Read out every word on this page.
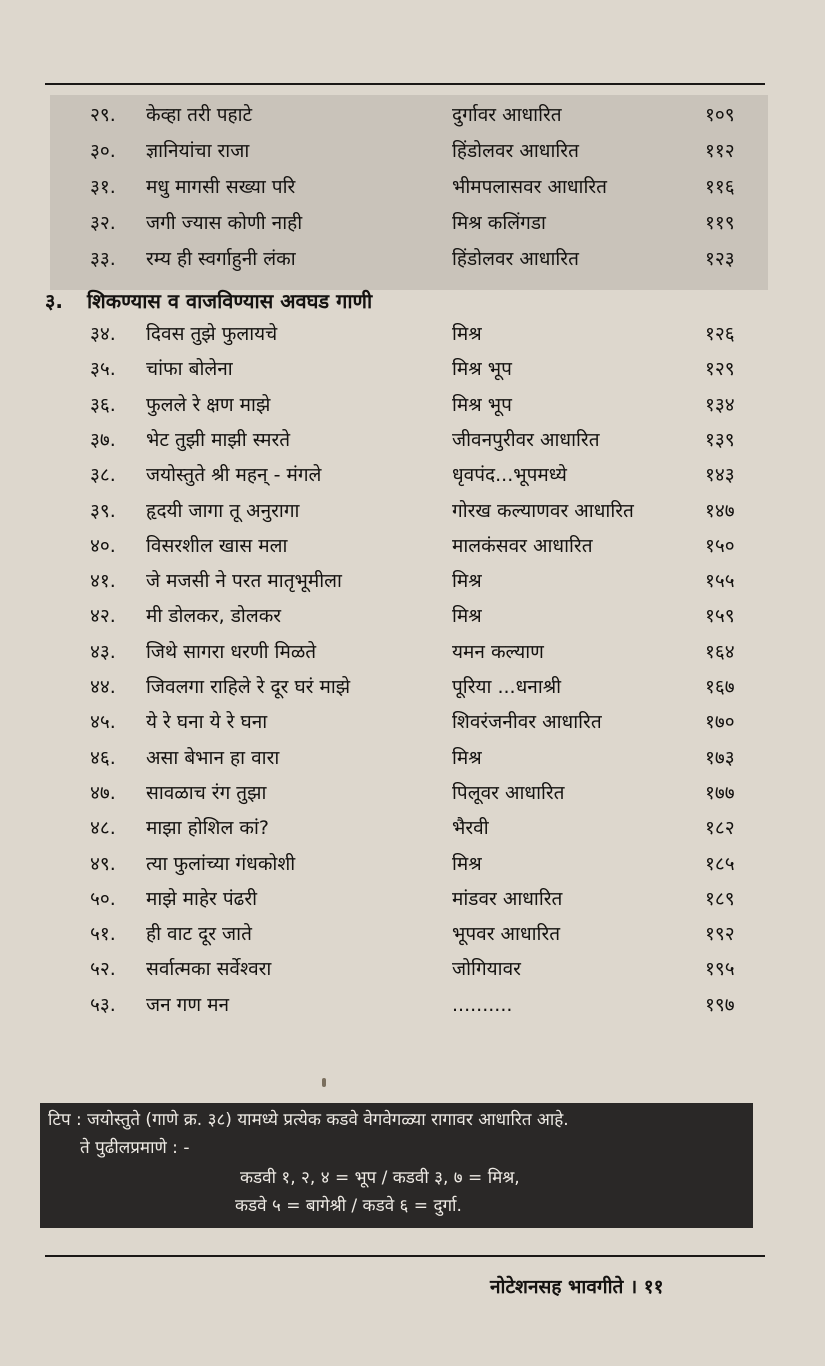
२९. केव्हा तरी पहाटे	दुर्गावर आधारित	१०९
३०. ज्ञानियांचा राजा	हिंडोलवर आधारित	११२
३१. मधु मागसी सख्या परि	भीमपलासवर आधारित	११६
३२. जगी ज्यास कोणी नाही	मिश्र कलिंगडा	११९
३३. रम्य ही स्वर्गाहुनी लंका	हिंडोलवर आधारित	१२३
३. शिकण्यास व वाजविण्यास अवघड गाणी
३४. दिवस तुझे फुलायचे	मिश्र	१२६
३५. चांफा बोलेना	मिश्र भूप	१२९
३६. फुलले रे क्षण माझे	मिश्र भूप	१३४
३७. भेट तुझी माझी स्मरते	जीवनपुरीवर आधारित	१३९
३८. जयोस्तुते श्री महन् - मंगले	धृवपंद...भूपमध्ये	१४३
३९. हृदयी जागा तू अनुरागा	गोरख कल्याणवर आधारित	१४७
४०. विसरशील खास मला	मालकंसवर आधारित	१५०
४१. जे मजसी ने परत मातृभूमीला	मिश्र	१५५
४२. मी डोलकर, डोलकर	मिश्र	१५९
४३. जिथे सागरा धरणी मिळते	यमन कल्याण	१६४
४४. जिवलगा राहिले रे दूर घरं माझे	पूरिया ...धनाश्री	१६७
४५. ये रे घना ये रे घना	शिवरंजनीवर आधारित	१७०
४६. असा बेभान हा वारा	मिश्र	१७३
४७. सावळाच रंग तुझा	पिलूवर आधारित	१७७
४८. माझा होशिल कां?	भैरवी	१८२
४९. त्या फुलांच्या गंधकोशी	मिश्र	१८५
५०. माझे माहेर पंढरी	मांडवर आधारित	१८९
५१. ही वाट दूर जाते	भूपवर आधारित	१९२
५२. सर्वात्मका सर्वेश्वरा	जोगियावर	१९५
५३. जन गण मन	..........	१९७
टिप : जयोस्तुते (गाणे क्र. ३८) यामध्ये प्रत्येक कडवे वेगवेगळ्या रागावर आधारित आहे.
ते पुढीलप्रमाणे : -
कडवी १, २, ४ = भूप / कडवी ३, ७ = मिश्र,
कडवे ५ = बागेश्री / कडवे ६ = दुर्गा.
नोटेशनसह भावगीते । ११
